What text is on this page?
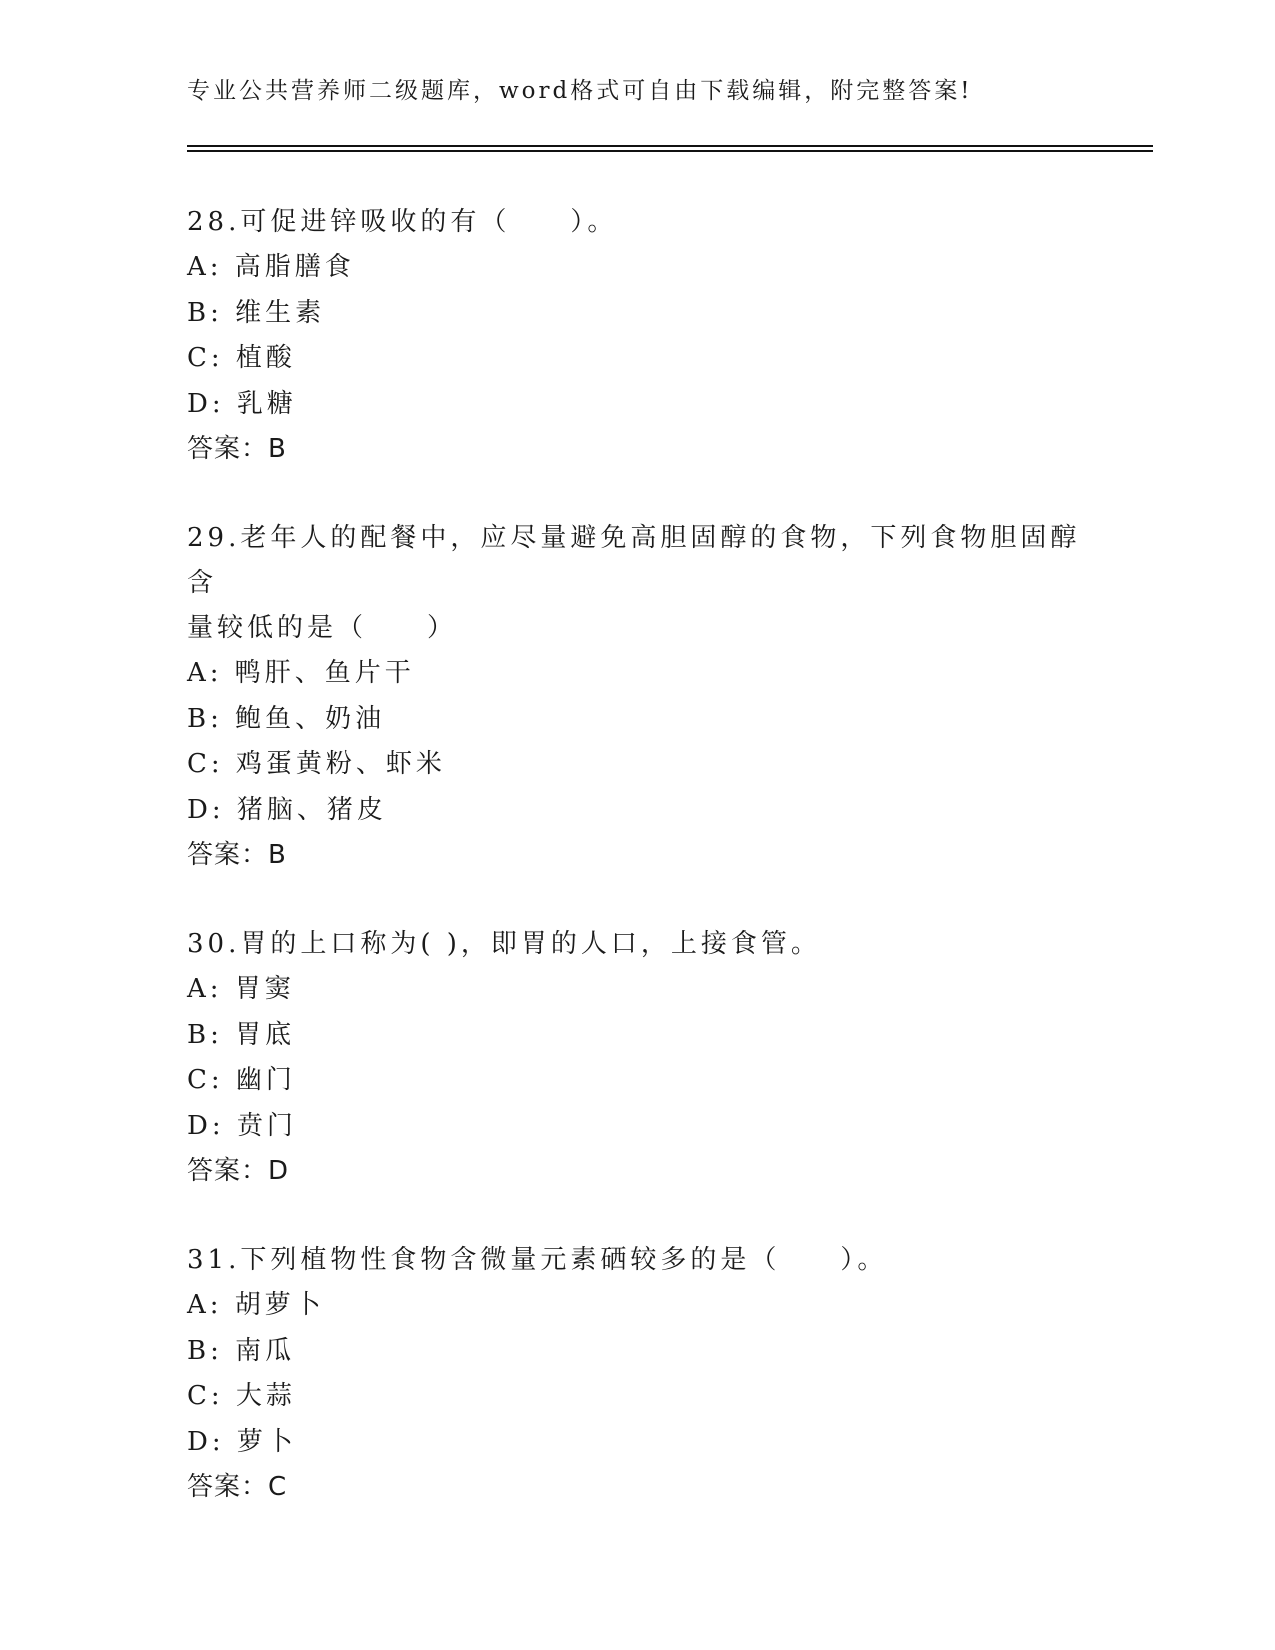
专业公共营养师二级题库，word格式可自由下载编辑，附完整答案!
28.可促进锌吸收的有（　　）。
A: 高脂膳食
B: 维生素
C: 植酸
D: 乳糖
答案：B
29.老年人的配餐中，应尽量避免高胆固醇的食物，下列食物胆固醇含
量较低的是（　　）
A: 鸭肝、鱼片干
B: 鲍鱼、奶油
C: 鸡蛋黄粉、虾米
D: 猪脑、猪皮
答案：B
30.胃的上口称为( )，即胃的人口，上接食管。
A: 胃窦
B: 胃底
C: 幽门
D: 贲门
答案：D
31.下列植物性食物含微量元素硒较多的是（　　）。
A: 胡萝卜
B: 南瓜
C: 大蒜
D: 萝卜
答案：C
